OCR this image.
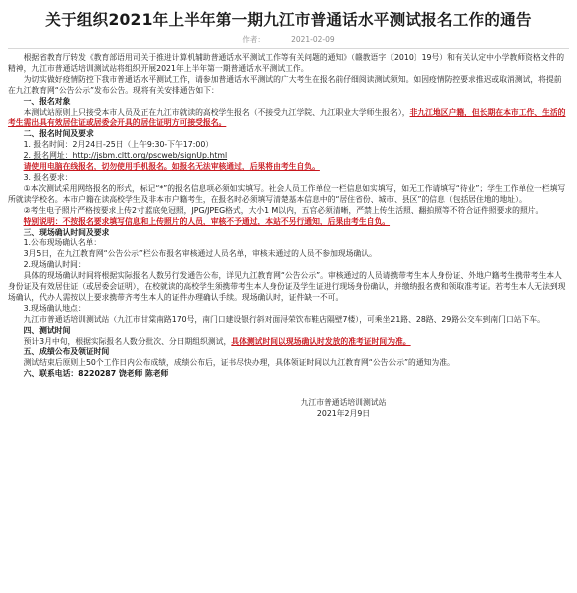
关于组织2021年上半年第一期九江市普通话水平测试报名工作的通告
作者：	2021-02-09

根据省教育厅转发《教育部语用司关于推进计算机辅助普通话水平测试工作等有关问题的通知》（赣教语字〔2010〕19号）和有关认定中小学教师资格文件的精神，九江市普通话培训测试站将组织开展2021年上半年第一期普通话水平测试工作。

为切实做好疫情防控下我市普通话水平测试工作，请参加普通话水平测试的广大考生在报名前仔细阅读测试须知。如因疫情防控要求推迟或取消测试，将提前在九江教育网“公告公示”发布公告。现将有关安排通告如下：

一、报名对象

本测试站原则上只接受本市人员及正在九江市就读的高校学生报名（不接受九江学院、九江职业大学师生报名），非九江地区户籍，但长期在本市工作、生活的考生需出具有效居住证或居委会开具的居住证明方可接受报名。

二、报名时间及要求

1. 报名时间：2月24日-25日（上午9:30-下午17:00）

2. 报名网址：http://jsbm.cltt.org/pscweb/signUp.html

请使用电脑在线报名，切勿使用手机报名。如报名无法审核通过，后果将由考生自负。

3. 报名要求：

①本次测试采用网络报名的形式，标记“*”的报名信息项必须如实填写。社会人员工作单位一栏信息如实填写，如无工作请填写“待业”；学生工作单位一栏填写所就读学校名。本市户籍在读高校学生及非本市户籍考生，在报名时必须填写清楚基本信息中的“居住省份、城市、县区”的信息（包括居住地的地址）。

②考生电子照片严格按要求上传2寸蓝底免冠照，JPG/JPEG格式，大小1 M以内，五官必须清晰，严禁上传生活照、翻拍照等不符合证件照要求的照片。

特别说明：不按报名要求填写信息和上传照片的人员，审核不予通过，本站不另行通知，后果由考生自负。

三、现场确认时间及要求

1.公布现场确认名单：

3月5日，在九江教育网“公告公示”栏公布报名审核通过人员名单，审核未通过的人员不参加现场确认。

2.现场确认时间：

具体的现场确认时间将根据实际报名人数另行发通告公布，详见九江教育网“公告公示”。审核通过的人员请携带考生本人身份证、外地户籍考生携带考生本人身份证及有效居住证（或居委会证明），在校就读的高校学生须携带考生本人身份证及学生证进行现场身份确认，并缴纳报名费和领取准考证。若考生本人无法到现场确认，代办人需按以上要求携带齐考生本人的证件办理确认手续。现场确认时，证件缺一不可。

3.现场确认地点：

九江市普通话培训测试站（九江市甘棠南路170号，南门口建设银行斜对面浔荣饮布鞋店隔壁7楼），可乘坐21路、28路、29路公交车到南门口站下车。

四、测试时间

预计3月中旬，根据实际报名人数分批次、分日期组织测试，具体测试时间以现场确认时发放的准考证时间为准。

五、成绩公布及领证时间

测试结束后原则上50个工作日内公布成绩，成绩公布后，证书尽快办理，具体领证时间以九江教育网“公告公示”的通知为准。

六、联系电话：8220287 饶老师 陈老师

九江市普通话培训测试站
2021年2月9日
